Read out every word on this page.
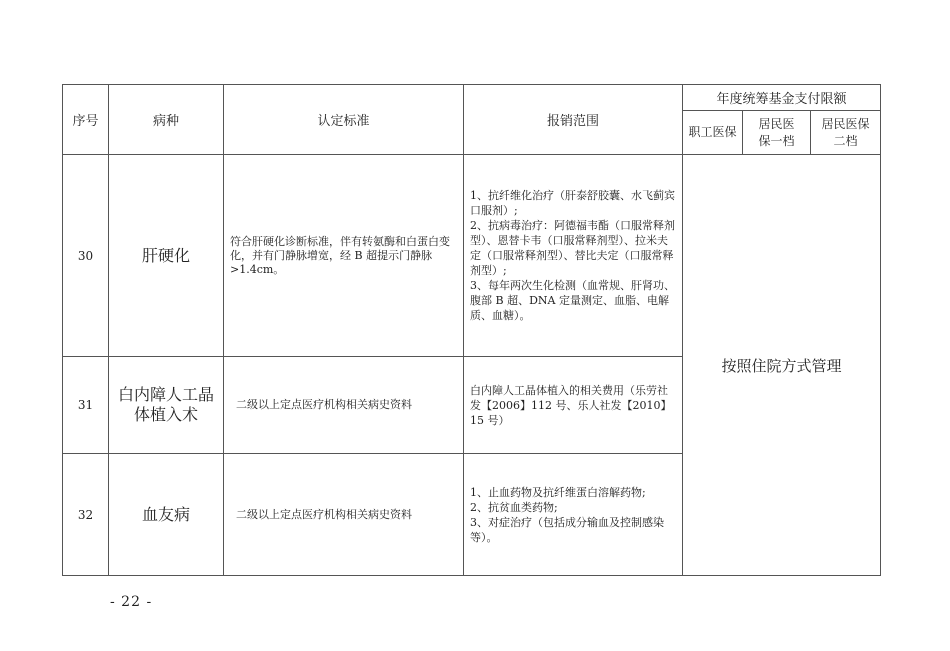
序号	病种	认定标准	报销范围	年度统筹基金支付限额		
				职工医保	居民医保一档	居民医保二档
30	肝硬化	符合肝硬化诊断标准，伴有转氨酶和白蛋白变化，并有门静脉增宽，经 B 超提示门静脉>1.4cm。	1、抗纤维化治疗（肝泰舒胶囊、水飞蓟宾口服剂）;
2、抗病毒治疗：阿德福韦酯（口服常释剂型）、恩替卡韦（口服常释剂型）、拉米夫定（口服常释剂型）、替比夫定（口服常释剂型）;
3、每年两次生化检测（血常规、肝肾功、腹部 B 超、DNA 定量测定、血脂、电解质、血糖）。	按照住院方式管理		
31	白内障人工晶体植入术	二级以上定点医疗机构相关病史资料	白内障人工晶体植入的相关费用（乐劳社发【2006】112 号、乐人社发【2010】15 号）			

32	血友病	二级以上定点医疗机构相关病史资料	1、止血药物及抗纤维蛋白溶解药物;
2、抗贫血类药物;
3、对症治疗（包括成分输血及控制感染等）。			
- 22 -
